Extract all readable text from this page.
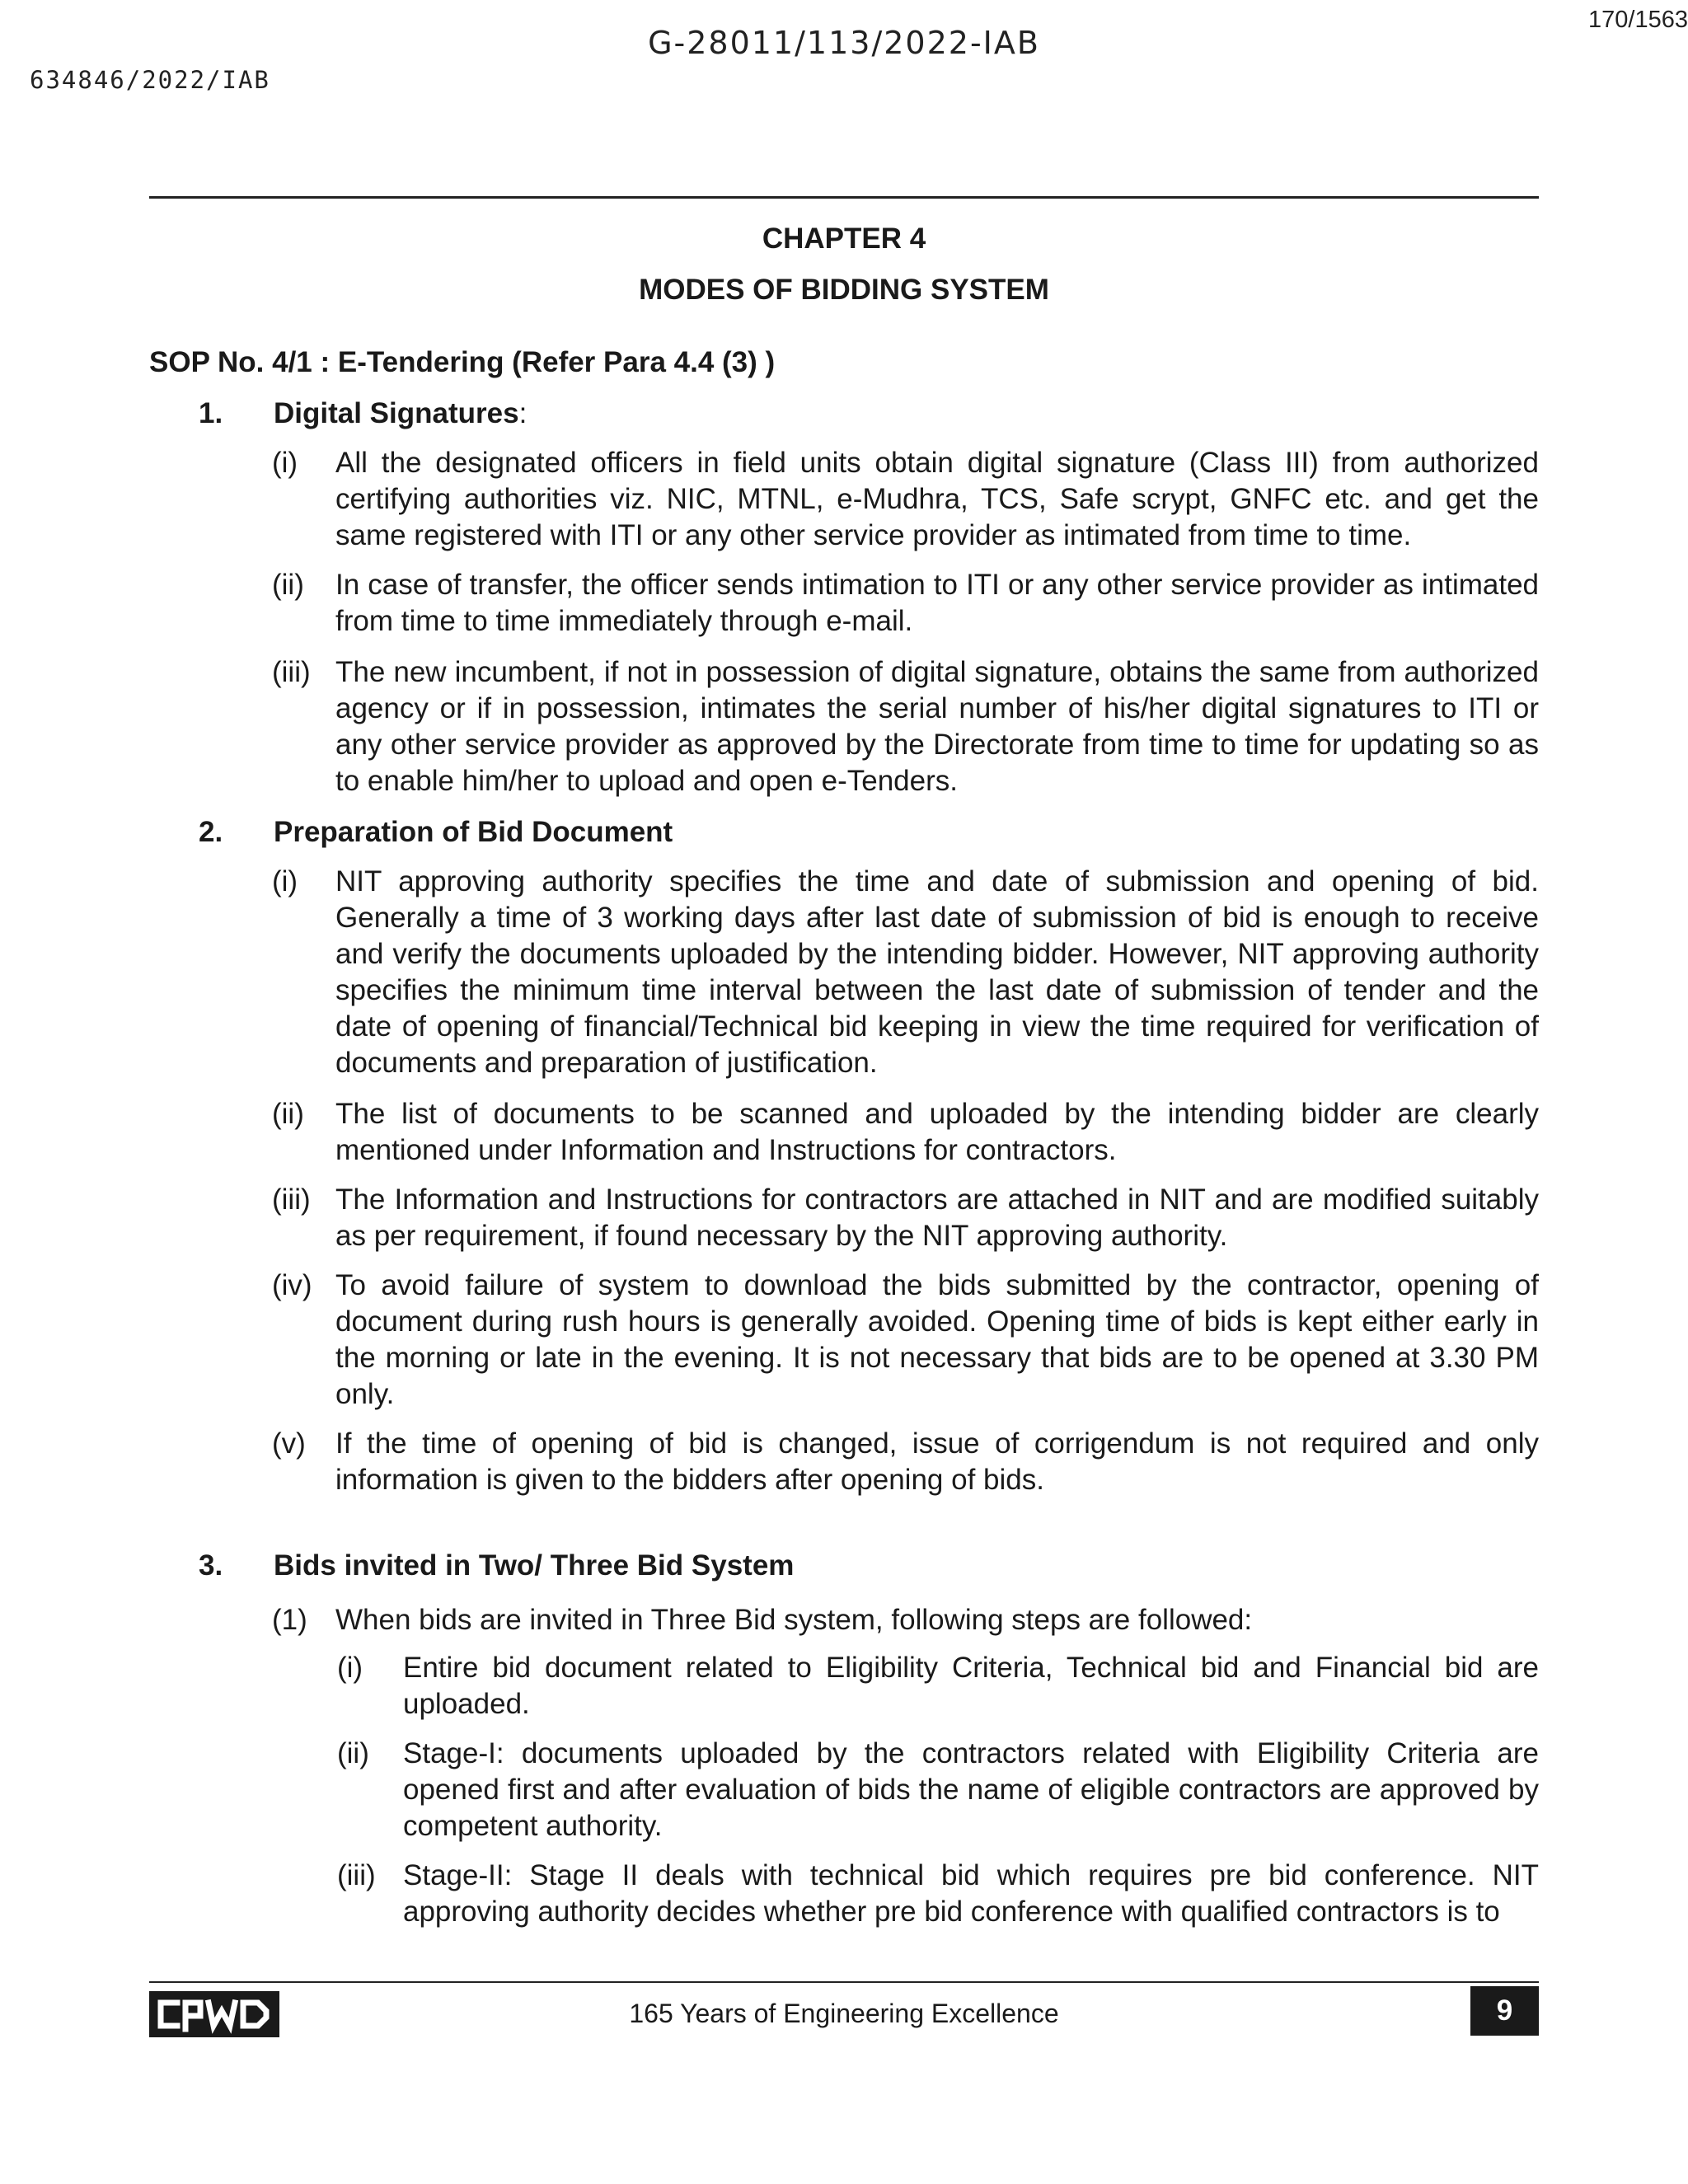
G-28011/113/2022-IAB
170/1563
634846/2022/IAB
CHAPTER 4
MODES OF BIDDING SYSTEM
SOP No. 4/1 : E-Tendering (Refer Para 4.4 (3) )
1. Digital Signatures:
(i) All the designated officers in field units obtain digital signature (Class III) from authorized certifying authorities viz. NIC, MTNL, e-Mudhra, TCS, Safe scrypt, GNFC etc. and get the same registered with ITI or any other service provider as intimated from time to time.
(ii) In case of transfer, the officer sends intimation to ITI or any other service provider as intimated from time to time immediately through e-mail.
(iii) The new incumbent, if not in possession of digital signature, obtains the same from authorized agency or if in possession, intimates the serial number of his/her digital signatures to ITI or any other service provider as approved by the Directorate from time to time for updating so as to enable him/her to upload and open e-Tenders.
2. Preparation of Bid Document
(i) NIT approving authority specifies the time and date of submission and opening of bid. Generally a time of 3 working days after last date of submission of bid is enough to receive and verify the documents uploaded by the intending bidder. However, NIT approving authority specifies the minimum time interval between the last date of submission of tender and the date of opening of financial/Technical bid keeping in view the time required for verification of documents and preparation of justification.
(ii) The list of documents to be scanned and uploaded by the intending bidder are clearly mentioned under Information and Instructions for contractors.
(iii) The Information and Instructions for contractors are attached in NIT and are modified suitably as per requirement, if found necessary by the NIT approving authority.
(iv) To avoid failure of system to download the bids submitted by the contractor, opening of document during rush hours is generally avoided. Opening time of bids is kept either early in the morning or late in the evening. It is not necessary that bids are to be opened at 3.30 PM only.
(v) If the time of opening of bid is changed, issue of corrigendum is not required and only information is given to the bidders after opening of bids.
3. Bids invited in Two/ Three Bid System
(1) When bids are invited in Three Bid system, following steps are followed:
(i) Entire bid document related to Eligibility Criteria, Technical bid and Financial bid are uploaded.
(ii) Stage-I: documents uploaded by the contractors related with Eligibility Criteria are opened first and after evaluation of bids the name of eligible contractors are approved by competent authority.
(iii) Stage-II: Stage II deals with technical bid which requires pre bid conference. NIT approving authority decides whether pre bid conference with qualified contractors is to
165 Years of Engineering Excellence	9
